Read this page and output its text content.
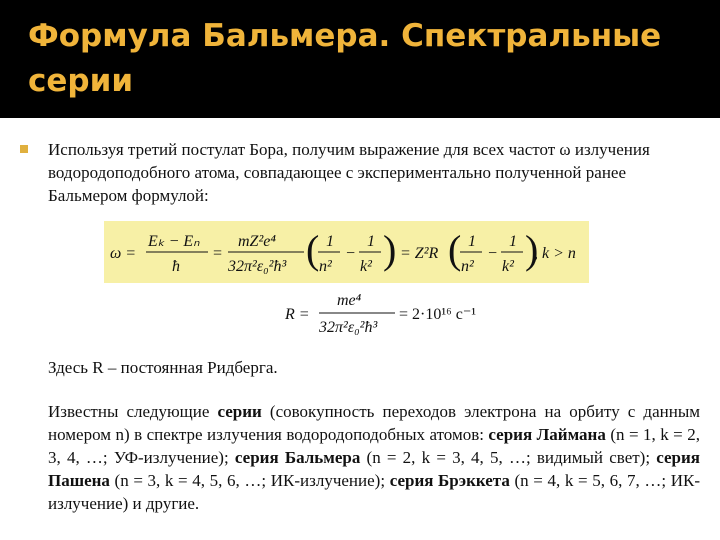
Формула Бальмера. Спектральные
серии
Используя третий постулат Бора, получим выражение для всех частот ω излучения водородоподобного атома, совпадающее с экспериментально полученной ранее Бальмером формулой:
ω =
Eₖ − Eₙ
ħ
=
mZ²e⁴
32π²ε₀²ħ³ ( 1
n²
−
1
k² ) = Z²R ( 1
n²
−
1
k² )
, k > n
R =
me⁴
32π²ε₀²ħ³
= 2·10¹⁶ с⁻¹
Здесь R – постоянная Ридберга.
Известны следующие серии (совокупность переходов электрона на орбиту с данным номером n) в спектре излучения водородоподобных атомов: серия Лаймана (n = 1, k = 2, 3, 4, …; УФ-излучение); серия Бальмера (n = 2, k = 3, 4, 5, …; видимый свет); серия Пашена (n = 3, k = 4, 5, 6, …; ИК-излучение); серия Брэккета (n = 4, k = 5, 6, 7, …; ИК-излучение) и другие.
